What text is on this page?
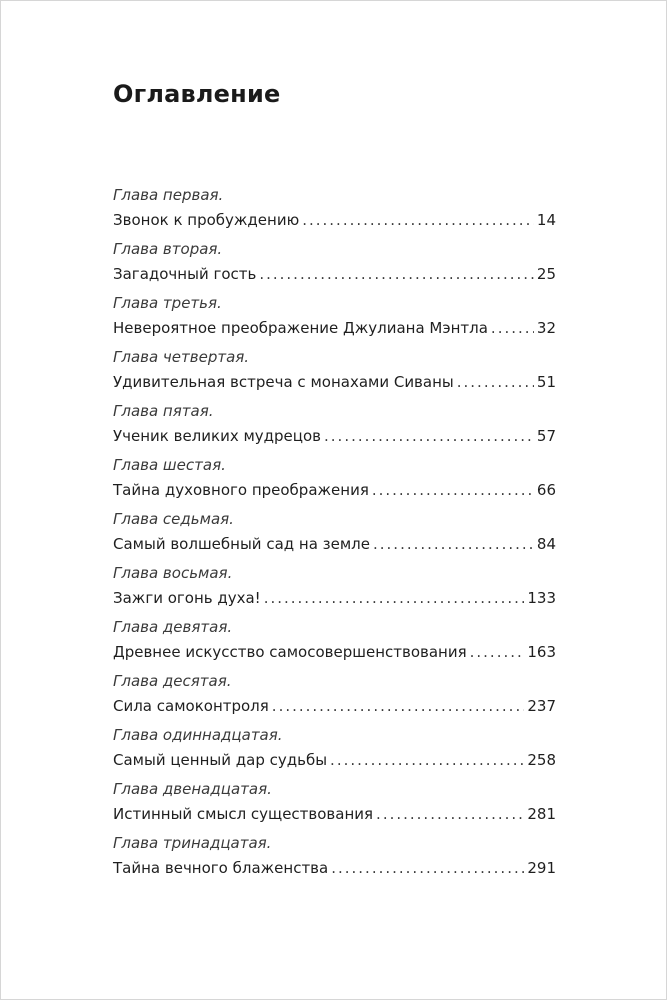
Оглавление
Глава первая.
Звонок к пробуждению .....	14
Глава вторая.
Загадочный гость .....	25
Глава третья.
Невероятное преображение Джулиана Мэнтла .....	32
Глава четвертая.
Удивительная встреча с монахами Сиваны .....	51
Глава пятая.
Ученик великих мудрецов .....	57
Глава шестая.
Тайна духовного преображения .....	66
Глава седьмая.
Самый волшебный сад на земле .....	84
Глава восьмая.
Зажги огонь духа! .....	133
Глава девятая.
Древнее искусство самосовершенствования .....	163
Глава десятая.
Сила самоконтроля .....	237
Глава одиннадцатая.
Самый ценный дар судьбы .....	258
Глава двенадцатая.
Истинный смысл существования .....	281
Глава тринадцатая.
Тайна вечного блаженства .....	291
